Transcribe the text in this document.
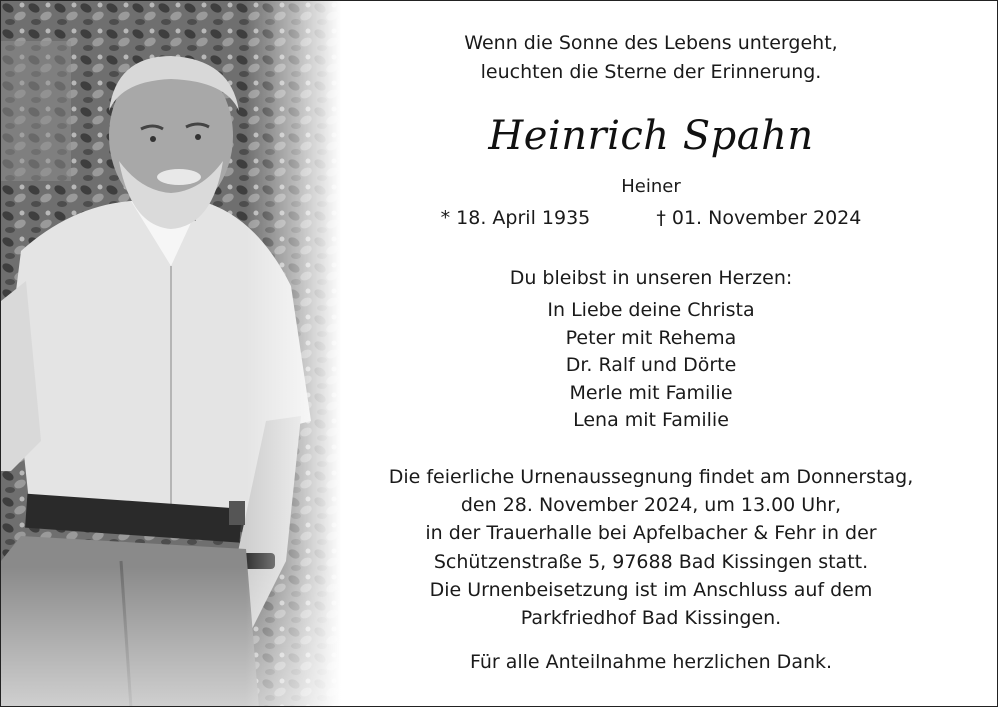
Wenn die Sonne des Lebens untergeht,
leuchten die Sterne der Erinnerung.
Heinrich Spahn
Heiner
* 18. April 1935	† 01. November 2024
Du bleibst in unseren Herzen:
In Liebe deine Christa
Peter mit Rehema
Dr. Ralf und Dörte
Merle mit Familie
Lena mit Familie
Die feierliche Urnenaussegnung findet am Donnerstag,
den 28. November 2024, um 13.00 Uhr,
in der Trauerhalle bei Apfelbacher & Fehr in der
Schützenstraße 5, 97688 Bad Kissingen statt.
Die Urnenbeisetzung ist im Anschluss auf dem
Parkfriedhof Bad Kissingen.
Für alle Anteilnahme herzlichen Dank.
